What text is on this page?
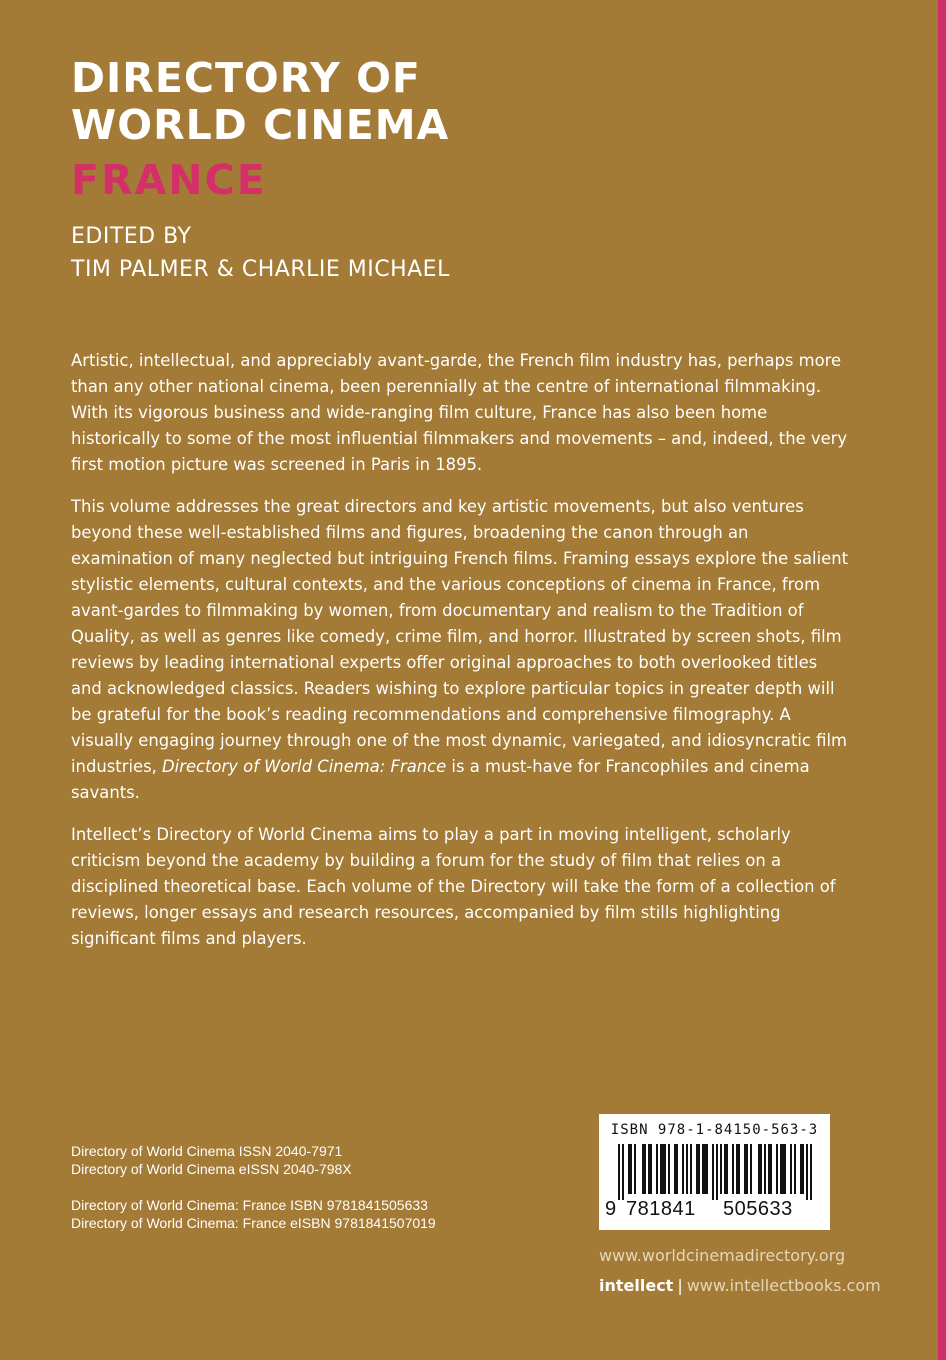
DIRECTORY OF
WORLD CINEMA
FRANCE
EDITED BY
TIM PALMER & CHARLIE MICHAEL

Artistic, intellectual, and appreciably avant-garde, the French film industry has, perhaps more than any other national cinema, been perennially at the centre of international filmmaking. With its vigorous business and wide-ranging film culture, France has also been home historically to some of the most influential filmmakers and movements – and, indeed, the very first motion picture was screened in Paris in 1895.

This volume addresses the great directors and key artistic movements, but also ventures beyond these well-established films and figures, broadening the canon through an examination of many neglected but intriguing French films. Framing essays explore the salient stylistic elements, cultural contexts, and the various conceptions of cinema in France, from avant-gardes to filmmaking by women, from documentary and realism to the Tradition of Quality, as well as genres like comedy, crime film, and horror. Illustrated by screen shots, film reviews by leading international experts offer original approaches to both overlooked titles and acknowledged classics. Readers wishing to explore particular topics in greater depth will be grateful for the book’s reading recommendations and comprehensive filmography. A visually engaging journey through one of the most dynamic, variegated, and idiosyncratic film industries, Directory of World Cinema: France is a must-have for Francophiles and cinema savants.

Intellect’s Directory of World Cinema aims to play a part in moving intelligent, scholarly criticism beyond the academy by building a forum for the study of film that relies on a disciplined theoretical base. Each volume of the Directory will take the form of a collection of reviews, longer essays and research resources, accompanied by film stills highlighting significant films and players.

Directory of World Cinema ISSN 2040-7971
Directory of World Cinema eISSN 2040-798X
Directory of World Cinema: France ISBN 9781841505633
Directory of World Cinema: France eISBN 9781841507019
ISBN 978-1-84150-563-3
9 781841 505633
www.worldcinemadirectory.org
intellect | www.intellectbooks.com
